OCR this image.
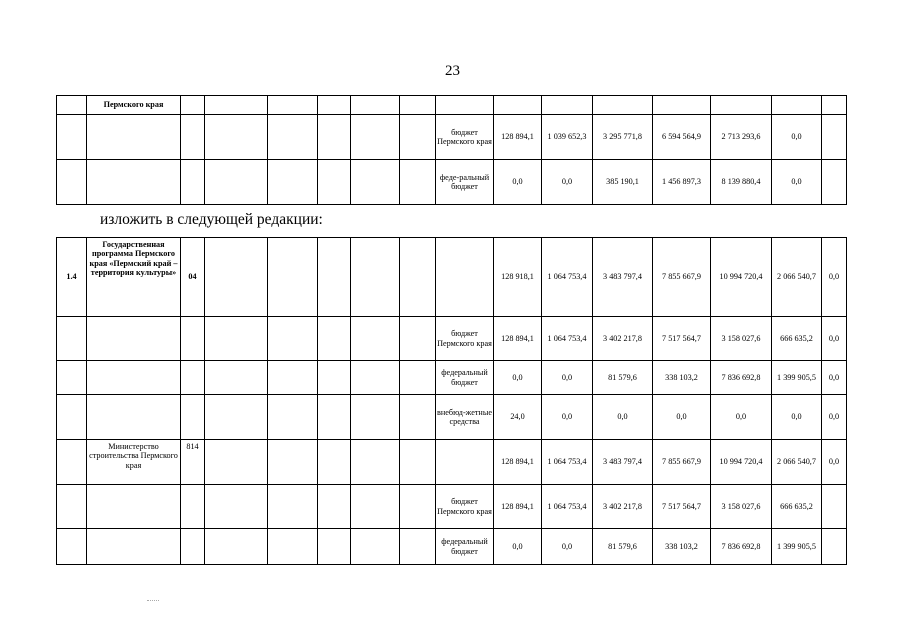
23
	Пермского края														
								бюджет Пермского края	128 894,1	1 039 652,3	3 295 771,8	6 594 564,9	2 713 293,6	0,0	
								феде-ральный бюджет	0,0	0,0	385 190,1	1 456 897,3	8 139 880,4	0,0	
изложить в следующей редакции:
1.4	Государственная программа Пермского края «Пермский край – территория культуры»	04							128 918,1	1 064 753,4	3 483 797,4	7 855 667,9	10 994 720,4	2 066 540,7	0,0
								бюджет Пермского края	128 894,1	1 064 753,4	3 402 217,8	7 517 564,7	3 158 027,6	666 635,2	0,0
								федеральный бюджет	0,0	0,0	81 579,6	338 103,2	7 836 692,8	1 399 905,5	0,0
								внебюд-жетные средства	24,0	0,0	0,0	0,0	0,0	0,0	0,0
	Министерство строительства Пермского края	814							128 894,1	1 064 753,4	3 483 797,4	7 855 667,9	10 994 720,4	2 066 540,7	0,0
								бюджет Пермского края	128 894,1	1 064 753,4	3 402 217,8	7 517 564,7	3 158 027,6	666 635,2	
								федеральный бюджет	0,0	0,0	81 579,6	338 103,2	7 836 692,8	1 399 905,5	
